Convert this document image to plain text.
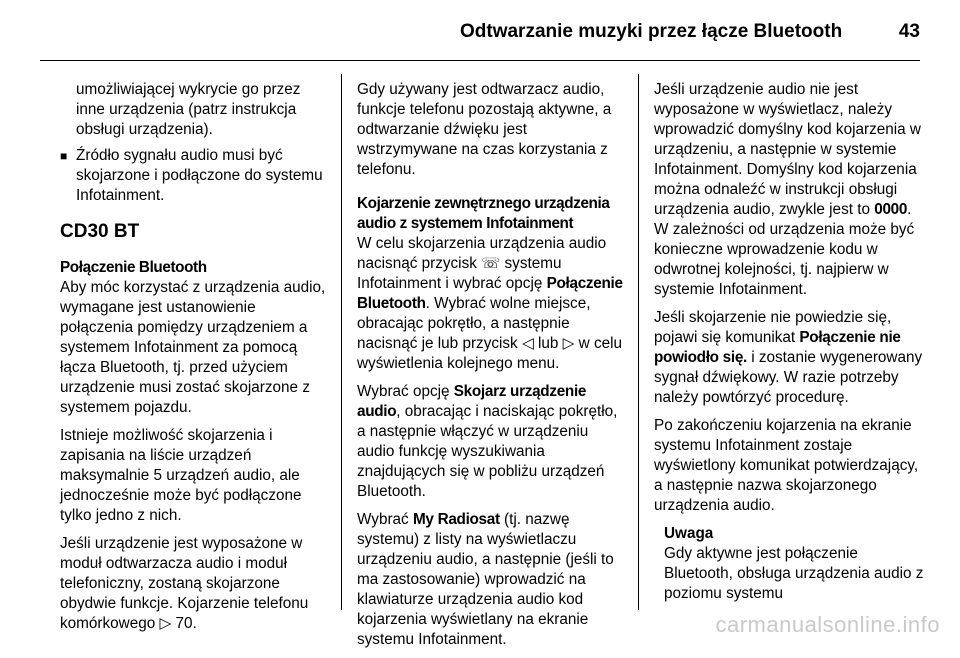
Odtwarzanie muzyki przez łącze Bluetooth	43

umożliwiającej wykrycie go przez inne urządzenia (patrz instrukcja obsługi urządzenia).

■ Źródło sygnału audio musi być skojarzone i podłączone do systemu Infotainment.
CD30 BT
Połączenie Bluetooth

Aby móc korzystać z urządzenia audio, wymagane jest ustanowienie połączenia pomiędzy urządzeniem a systemem Infotainment za pomocą łącza Bluetooth, tj. przed użyciem urządzenie musi zostać skojarzone z systemem pojazdu.

Istnieje możliwość skojarzenia i zapisania na liście urządzeń maksymalnie 5 urządzeń audio, ale jednocześnie może być podłączone tylko jedno z nich.

Jeśli urządzenie jest wyposażone w moduł odtwarzacza audio i moduł telefoniczny, zostaną skojarzone obydwie funkcje. Kojarzenie telefonu komórkowego ▷ 70.

Gdy używany jest odtwarzacz audio, funkcje telefonu pozostają aktywne, a odtwarzanie dźwięku jest wstrzymywane na czas korzystania z telefonu.

Kojarzenie zewnętrznego urządzenia audio z systemem Infotainment

W celu skojarzenia urządzenia audio nacisnąć przycisk ☏ systemu Infotainment i wybrać opcję Połączenie Bluetooth. Wybrać wolne miejsce, obracając pokrętło, a następnie nacisnąć je lub przycisk ◁ lub ▷ w celu wyświetlenia kolejnego menu.

Wybrać opcję Skojarz urządzenie audio, obracając i naciskając pokrętło, a następnie włączyć w urządzeniu audio funkcję wyszukiwania znajdujących się w pobliżu urządzeń Bluetooth.

Wybrać My Radiosat (tj. nazwę systemu) z listy na wyświetlaczu urządzeniu audio, a następnie (jeśli to ma zastosowanie) wprowadzić na klawiaturze urządzenia audio kod kojarzenia wyświetlany na ekranie systemu Infotainment.

Jeśli urządzenie audio nie jest wyposażone w wyświetlacz, należy wprowadzić domyślny kod kojarzenia w urządzeniu, a następnie w systemie Infotainment. Domyślny kod kojarzenia można odnaleźć w instrukcji obsługi urządzenia audio, zwykle jest to 0000. W zależności od urządzenia może być konieczne wprowadzenie kodu w odwrotnej kolejności, tj. najpierw w systemie Infotainment.

Jeśli skojarzenie nie powiedzie się, pojawi się komunikat Połączenie nie powiodło się. i zostanie wygenerowany sygnał dźwiękowy. W razie potrzeby należy powtórzyć procedurę.

Po zakończeniu kojarzenia na ekranie systemu Infotainment zostaje wyświetlony komunikat potwierdzający, a następnie nazwa skojarzonego urządzenia audio.

Uwaga

Gdy aktywne jest połączenie Bluetooth, obsługa urządzenia audio z poziomu systemu

carmanualsonline.info
